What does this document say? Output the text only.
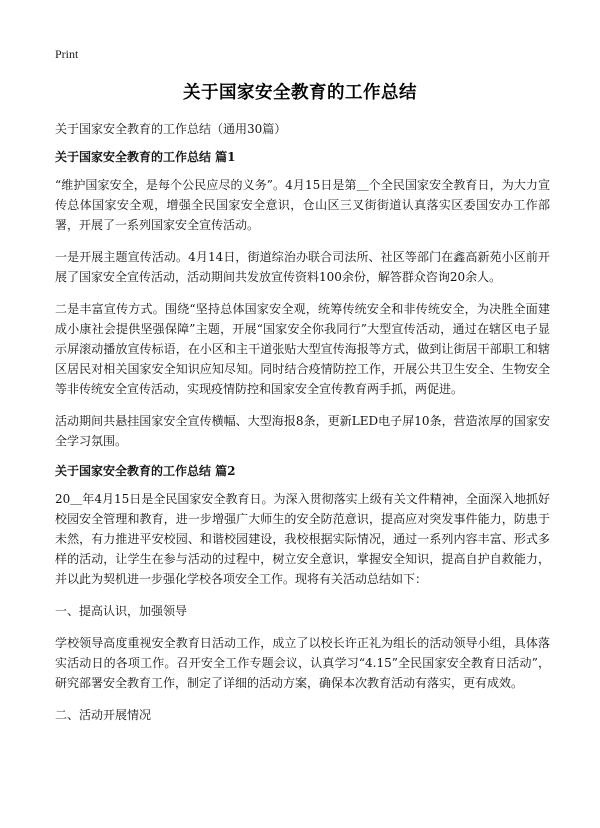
Print
关于国家安全教育的工作总结

关于国家安全教育的工作总结（通用30篇）

关于国家安全教育的工作总结 篇1

“维护国家安全，是每个公民应尽的义务”。4月15日是第＿个全民国家安全教育日，为大力宣传总体国家安全观，增强全民国家安全意识，仓山区三叉街街道认真落实区委国安办工作部署，开展了一系列国家安全宣传活动。

一是开展主题宣传活动。4月14日，街道综治办联合司法所、社区等部门在鑫高新苑小区前开展了国家安全宣传活动，活动期间共发放宣传资料100余份，解答群众咨询20余人。

二是丰富宣传方式。围绕“坚持总体国家安全观，统筹传统安全和非传统安全，为决胜全面建成小康社会提供坚强保障”主题，开展“国家安全你我同行”大型宣传活动，通过在辖区电子显示屏滚动播放宣传标语，在小区和主干道张贴大型宣传海报等方式，做到让街居干部职工和辖区居民对相关国家安全知识应知尽知。同时结合疫情防控工作，开展公共卫生安全、生物安全等非传统安全宣传活动，实现疫情防控和国家安全宣传教育两手抓，两促进。

活动期间共悬挂国家安全宣传横幅、大型海报8条，更新LED电子屏10条，营造浓厚的国家安全学习氛围。

关于国家安全教育的工作总结 篇2

20＿年4月15日是全民国家安全教育日。为深入贯彻落实上级有关文件精神，全面深入地抓好校园安全管理和教育，进一步增强广大师生的安全防范意识，提高应对突发事件能力，防患于未然，有力推进平安校园、和谐校园建设，我校根据实际情况，通过一系列内容丰富、形式多样的活动，让学生在参与活动的过程中，树立安全意识，掌握安全知识，提高自护自救能力，并以此为契机进一步强化学校各项安全工作。现将有关活动总结如下：

一、提高认识，加强领导

学校领导高度重视安全教育日活动工作，成立了以校长许正礼为组长的活动领导小组，具体落实活动日的各项工作。召开安全工作专题会议，认真学习“4.15”全民国家安全教育日活动”，研究部署安全教育工作，制定了详细的活动方案，确保本次教育活动有落实，更有成效。

二、活动开展情况
